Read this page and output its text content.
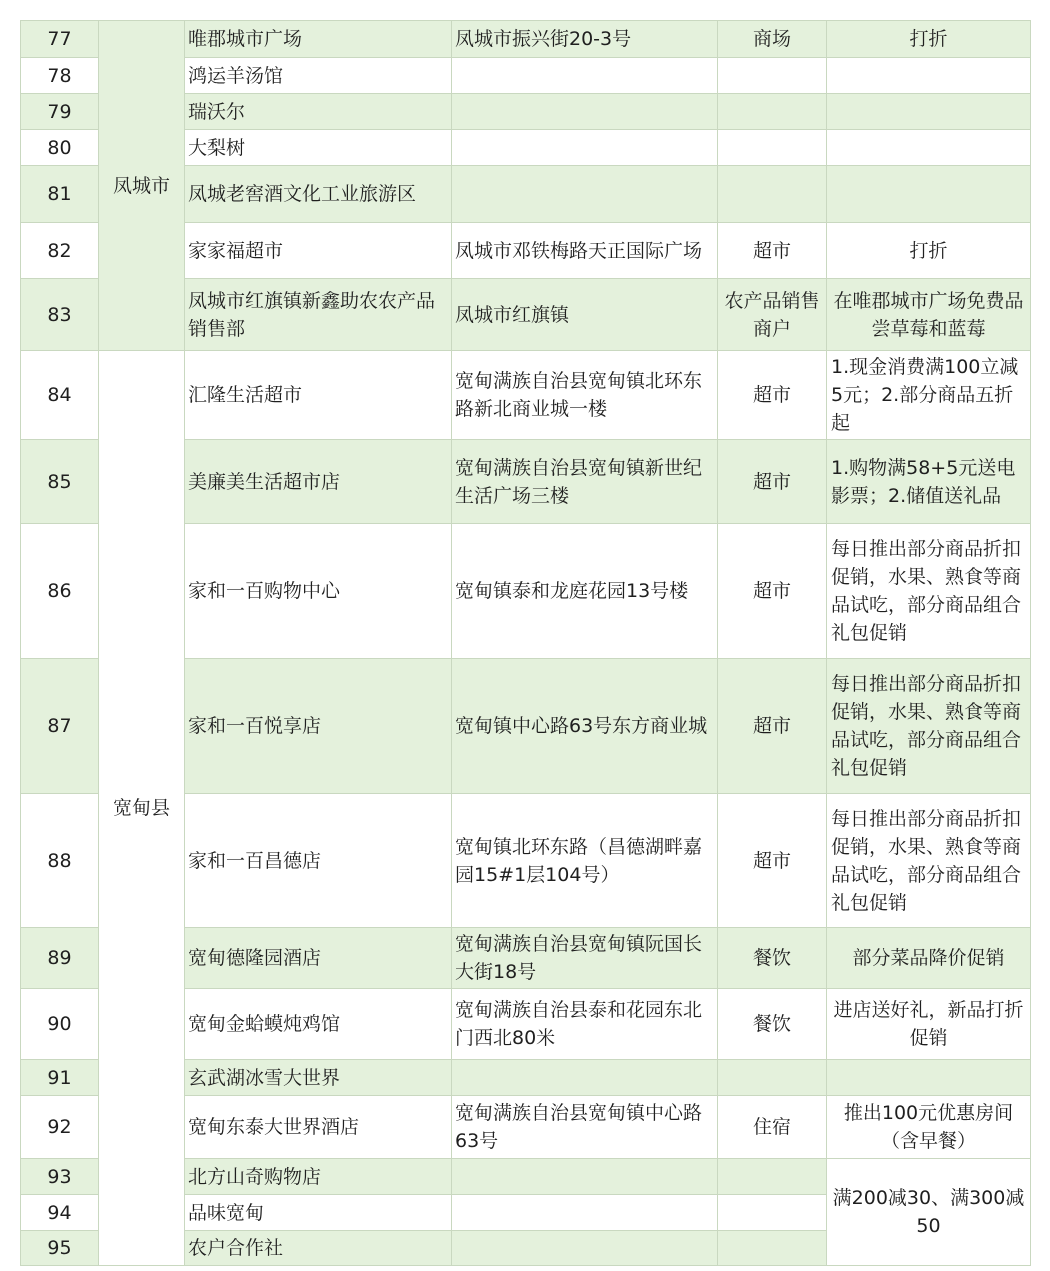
77	凤城市	唯郡城市广场	凤城市振兴街20-3号	商场	打折
78		鸿运羊汤馆			
79		瑞沃尔			
80		大梨树			
81		凤城老窖酒文化工业旅游区			
82		家家福超市	凤城市邓铁梅路天正国际广场	超市	打折
83		凤城市红旗镇新鑫助农农产品销售部	凤城市红旗镇	农产品销售商户	在唯郡城市广场免费品尝草莓和蓝莓
84	宽甸县	汇隆生活超市	宽甸满族自治县宽甸镇北环东路新北商业城一楼	超市	1.现金消费满100立减5元；2.部分商品五折起
85		美廉美生活超市店	宽甸满族自治县宽甸镇新世纪生活广场三楼	超市	1.购物满58+5元送电影票；2.储值送礼品
86		家和一百购物中心	宽甸镇泰和龙庭花园13号楼	超市	每日推出部分商品折扣促销，水果、熟食等商品试吃，部分商品组合礼包促销
87		家和一百悦享店	宽甸镇中心路63号东方商业城	超市	每日推出部分商品折扣促销，水果、熟食等商品试吃，部分商品组合礼包促销
88		家和一百昌德店	宽甸镇北环东路（昌德湖畔嘉园15#1层104号）	超市	每日推出部分商品折扣促销，水果、熟食等商品试吃，部分商品组合礼包促销
89		宽甸德隆园酒店	宽甸满族自治县宽甸镇阮国长大街18号	餐饮	部分菜品降价促销
90		宽甸金蛤蟆炖鸡馆	宽甸满族自治县泰和花园东北门西北80米	餐饮	进店送好礼，新品打折促销
91		玄武湖冰雪大世界			
92		宽甸东泰大世界酒店	宽甸满族自治县宽甸镇中心路63号	住宿	推出100元优惠房间（含早餐）
93		北方山奇购物店			满200减30、满300减50
94		品味宽甸			
95		农户合作社			
